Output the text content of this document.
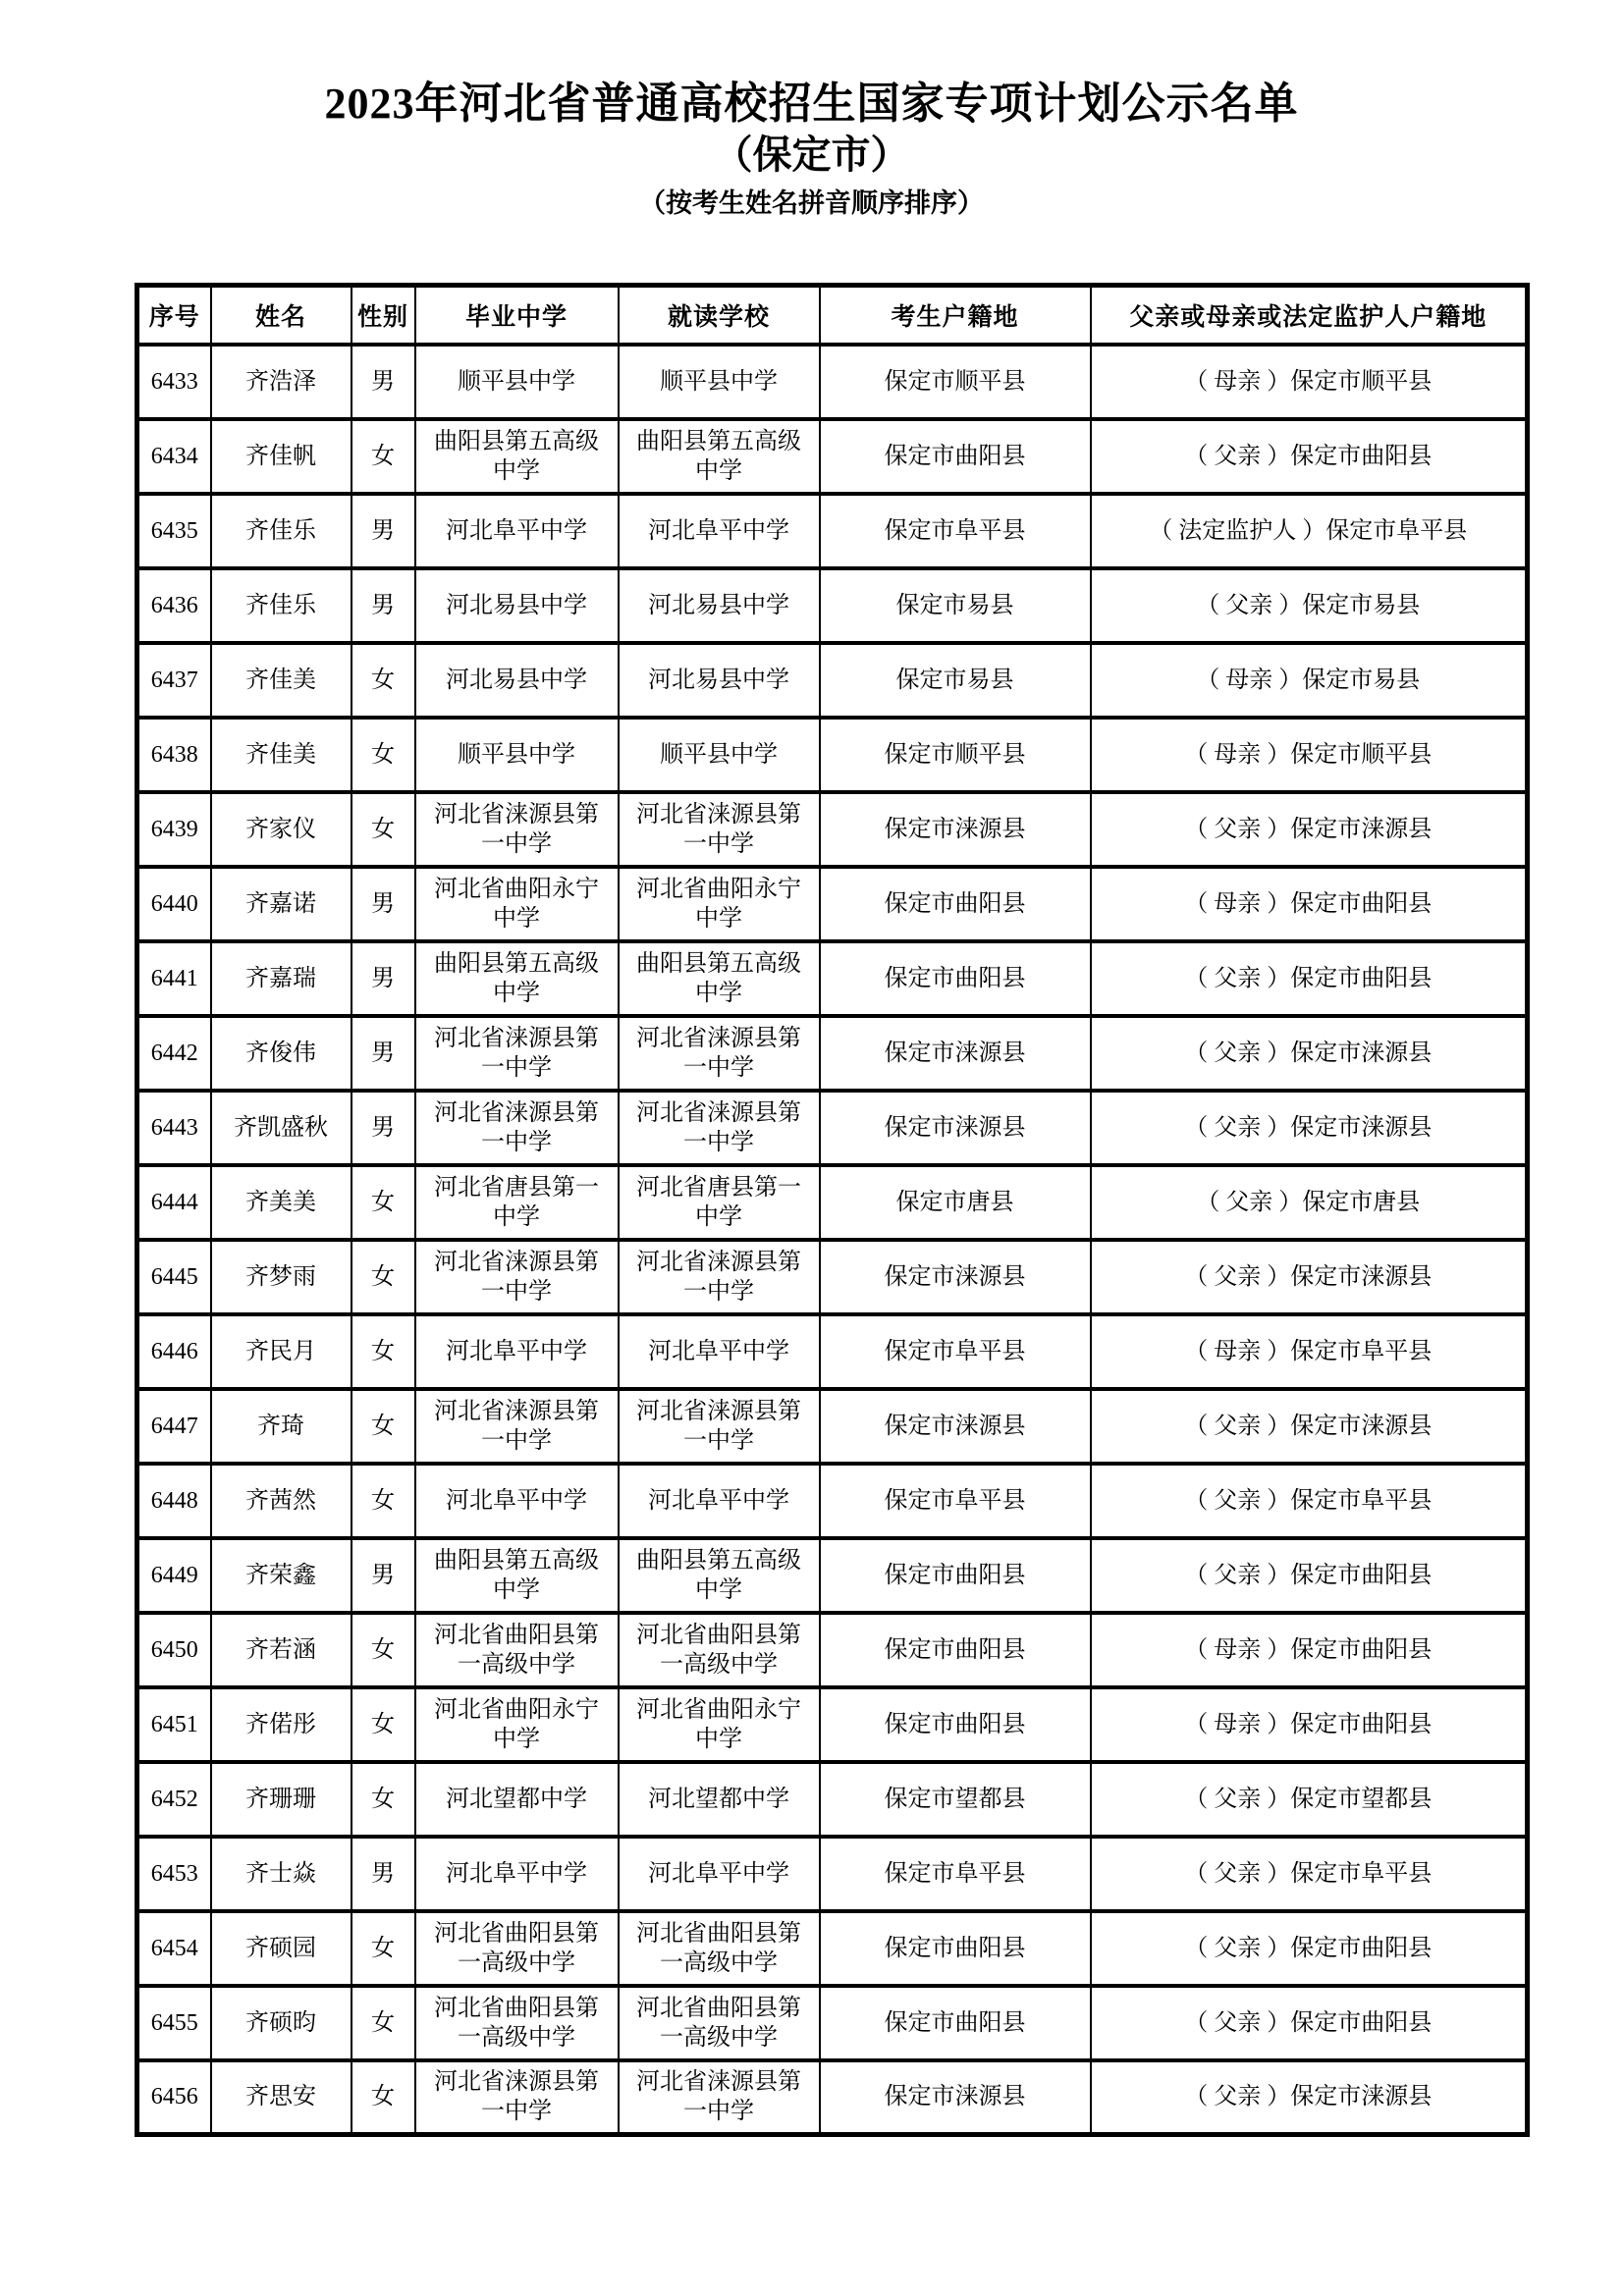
2023年河北省普通高校招生国家专项计划公示名单
（保定市）
（按考生姓名拼音顺序排序）
序号	姓名	性别	毕业中学	就读学校	考生户籍地	父亲或母亲或法定监护人户籍地
6433	齐浩泽	男	顺平县中学	顺平县中学	保定市顺平县	（ 母亲 ）保定市顺平县
6434	齐佳帆	女	曲阳县第五高级中学	曲阳县第五高级中学	保定市曲阳县	（ 父亲 ）保定市曲阳县
6435	齐佳乐	男	河北阜平中学	河北阜平中学	保定市阜平县	（ 法定监护人 ）保定市阜平县
6436	齐佳乐	男	河北易县中学	河北易县中学	保定市易县	（ 父亲 ）保定市易县
6437	齐佳美	女	河北易县中学	河北易县中学	保定市易县	（ 母亲 ）保定市易县
6438	齐佳美	女	顺平县中学	顺平县中学	保定市顺平县	（ 母亲 ）保定市顺平县
6439	齐家仪	女	河北省涞源县第一中学	河北省涞源县第一中学	保定市涞源县	（ 父亲 ）保定市涞源县
6440	齐嘉诺	男	河北省曲阳永宁中学	河北省曲阳永宁中学	保定市曲阳县	（ 母亲 ）保定市曲阳县
6441	齐嘉瑞	男	曲阳县第五高级中学	曲阳县第五高级中学	保定市曲阳县	（ 父亲 ）保定市曲阳县
6442	齐俊伟	男	河北省涞源县第一中学	河北省涞源县第一中学	保定市涞源县	（ 父亲 ）保定市涞源县
6443	齐凯盛秋	男	河北省涞源县第一中学	河北省涞源县第一中学	保定市涞源县	（ 父亲 ）保定市涞源县
6444	齐美美	女	河北省唐县第一中学	河北省唐县第一中学	保定市唐县	（ 父亲 ）保定市唐县
6445	齐梦雨	女	河北省涞源县第一中学	河北省涞源县第一中学	保定市涞源县	（ 父亲 ）保定市涞源县
6446	齐民月	女	河北阜平中学	河北阜平中学	保定市阜平县	（ 母亲 ）保定市阜平县
6447	齐琦	女	河北省涞源县第一中学	河北省涞源县第一中学	保定市涞源县	（ 父亲 ）保定市涞源县
6448	齐茜然	女	河北阜平中学	河北阜平中学	保定市阜平县	（ 父亲 ）保定市阜平县
6449	齐荣鑫	男	曲阳县第五高级中学	曲阳县第五高级中学	保定市曲阳县	（ 父亲 ）保定市曲阳县
6450	齐若涵	女	河北省曲阳县第一高级中学	河北省曲阳县第一高级中学	保定市曲阳县	（ 母亲 ）保定市曲阳县
6451	齐偌彤	女	河北省曲阳永宁中学	河北省曲阳永宁中学	保定市曲阳县	（ 母亲 ）保定市曲阳县
6452	齐珊珊	女	河北望都中学	河北望都中学	保定市望都县	（ 父亲 ）保定市望都县
6453	齐士焱	男	河北阜平中学	河北阜平中学	保定市阜平县	（ 父亲 ）保定市阜平县
6454	齐硕园	女	河北省曲阳县第一高级中学	河北省曲阳县第一高级中学	保定市曲阳县	（ 父亲 ）保定市曲阳县
6455	齐硕昀	女	河北省曲阳县第一高级中学	河北省曲阳县第一高级中学	保定市曲阳县	（ 父亲 ）保定市曲阳县
6456	齐思安	女	河北省涞源县第一中学	河北省涞源县第一中学	保定市涞源县	（ 父亲 ）保定市涞源县
